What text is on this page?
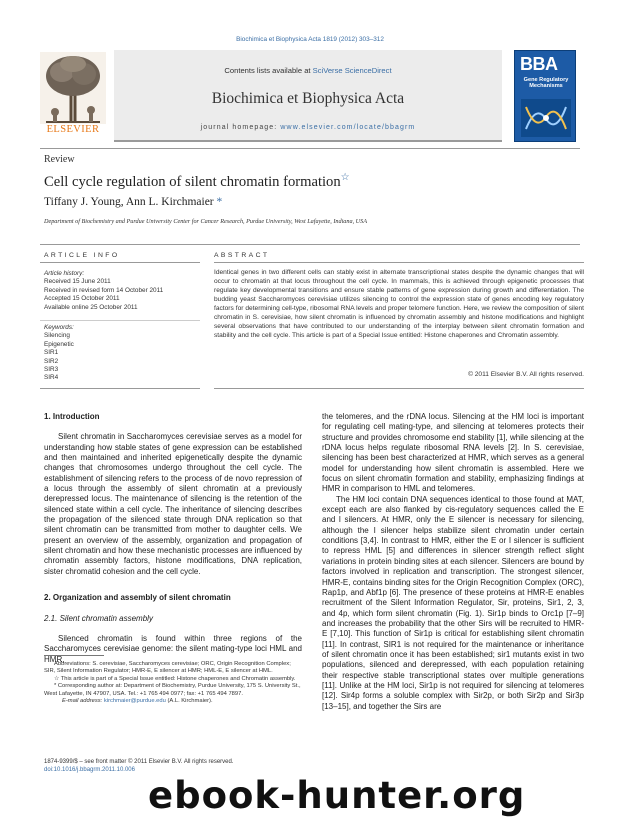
Biochimica et Biophysica Acta 1819 (2012) 303–312
ELSEVIER
Contents lists available at SciVerse ScienceDirect
Biochimica et Biophysica Acta
journal homepage: www.elsevier.com/locate/bbagrm
BBA
Gene Regulatory
Mechanisms
Review
Cell cycle regulation of silent chromatin formation☆
Tiffany J. Young, Ann L. Kirchmaier *
Department of Biochemistry and Purdue University Center for Cancer Research, Purdue University, West Lafayette, Indiana, USA
ARTICLE INFO	ABSTRACT
Article history:
Received 15 June 2011
Received in revised form 14 October 2011
Accepted 15 October 2011
Available online 25 October 2011
Keywords:
Silencing
Epigenetic
SIR1
SIR2
SIR3
SIR4
Identical genes in two different cells can stably exist in alternate transcriptional states despite the dynamic changes that will occur to chromatin at that locus throughout the cell cycle. In mammals, this is achieved through epigenetic processes that regulate key developmental transitions and ensure stable patterns of gene expression during growth and differentiation. The budding yeast Saccharomyces cerevisiae utilizes silencing to control the expression state of genes encoding key regulatory factors for determining cell-type, ribosomal RNA levels and proper telomere function. Here, we review the composition of silent chromatin in S. cerevisiae, how silent chromatin is influenced by chromatin assembly and histone modifications and highlight several observations that have contributed to our understanding of the interplay between silent chromatin formation and stability and the cell cycle. This article is part of a Special Issue entitled: Histone chaperones and Chromatin assembly.
© 2011 Elsevier B.V. All rights reserved.
1. Introduction

Silent chromatin in Saccharomyces cerevisiae serves as a model for understanding how stable states of gene expression can be established and then maintained and inherited epigenetically despite the dynamic changes that chromosomes undergo throughout the cell cycle. The establishment of silencing refers to the process of de novo repression of a locus through the assembly of silent chromatin at a previously derepressed locus. The maintenance of silencing is the retention of the silenced state within a cell cycle. The inheritance of silencing describes the propagation of the silenced state through DNA replication so that silent chromatin can be transmitted from mother to daughter cells. We present an overview of the assembly, organization and propagation of silent chromatin and how these mechanistic processes are influenced by chromatin assembly factors, histone modifications, DNA replication, sister chromatid cohesion and the cell cycle.

2. Organization and assembly of silent chromatin
2.1. Silent chromatin assembly

Silenced chromatin is found within three regions of the Saccharomyces cerevisiae genome: the silent mating-type loci HML and HMR,

the telomeres, and the rDNA locus. Silencing at the HM loci is important for regulating cell mating-type, and silencing at telomeres protects their structure and provides chromosome end stability [1], while silencing at the rDNA locus helps regulate ribosomal RNA levels [2]. In S. cerevisiae, silencing has been best characterized at HMR, which serves as a general model for understanding how silent chromatin is assembled. Here we focus on silent chromatin formation and stability, emphasizing findings at HMR in comparison to HML and telomeres.

The HM loci contain DNA sequences identical to those found at MAT, except each are also flanked by cis-regulatory sequences called the E and I silencers. At HMR, only the E silencer is necessary for silencing, although the I silencer helps stabilize silent chromatin under certain conditions [3,4]. In contrast to HMR, either the E or I silencer is sufficient to repress HML [5] and differences in silencer strength reflect slight variations in protein binding sites at each silencer. Silencers are bound by factors involved in replication and transcription. The strongest silencer, HMR-E, contains binding sites for the Origin Recognition Complex (ORC), Rap1p, and Abf1p [6]. The presence of these proteins at HMR-E enables recruitment of the Silent Information Regulator, Sir, proteins, Sir1, 2, 3, and 4p, which form silent chromatin (Fig. 1). Sir1p binds to Orc1p [7–9] and increases the probability that the other Sirs will be recruited to HMR-E [7,10]. This function of Sir1p is critical for establishing silent chromatin [11]. In contrast, SIR1 is not required for the maintenance or inheritance of silent chromatin once it has been established; sir1 mutants exist in two populations, silenced and derepressed, with each population retaining their respective stable transcriptional states over multiple generations [11]. Unlike at the HM loci, Sir1p is not required for silencing at telomeres [12]. Sir4p forms a soluble complex with Sir2p, or both Sir2p and Sir3p [13–15], and together the Sirs are

Abbreviations: S. cerevisiae, Saccharomyces cerevisiae; ORC, Origin Recognition Complex; SIR, Silent Information Regulator; HMR-E, E silencer at HMR; HML-E, E silencer at HML.

☆ This article is part of a Special Issue entitled: Histone chaperones and Chromatin assembly.

* Corresponding author at: Department of Biochemistry, Purdue University, 175 S. University St., West Lafayette, IN 47907, USA. Tel.: +1 765 494 0977; fax: +1 765 494 7897.

E-mail address: kirchmaier@purdue.edu (A.L. Kirchmaier).

1874-9399/$ – see front matter © 2011 Elsevier B.V. All rights reserved.
doi:10.1016/j.bbagrm.2011.10.006
ebook-hunter.org
